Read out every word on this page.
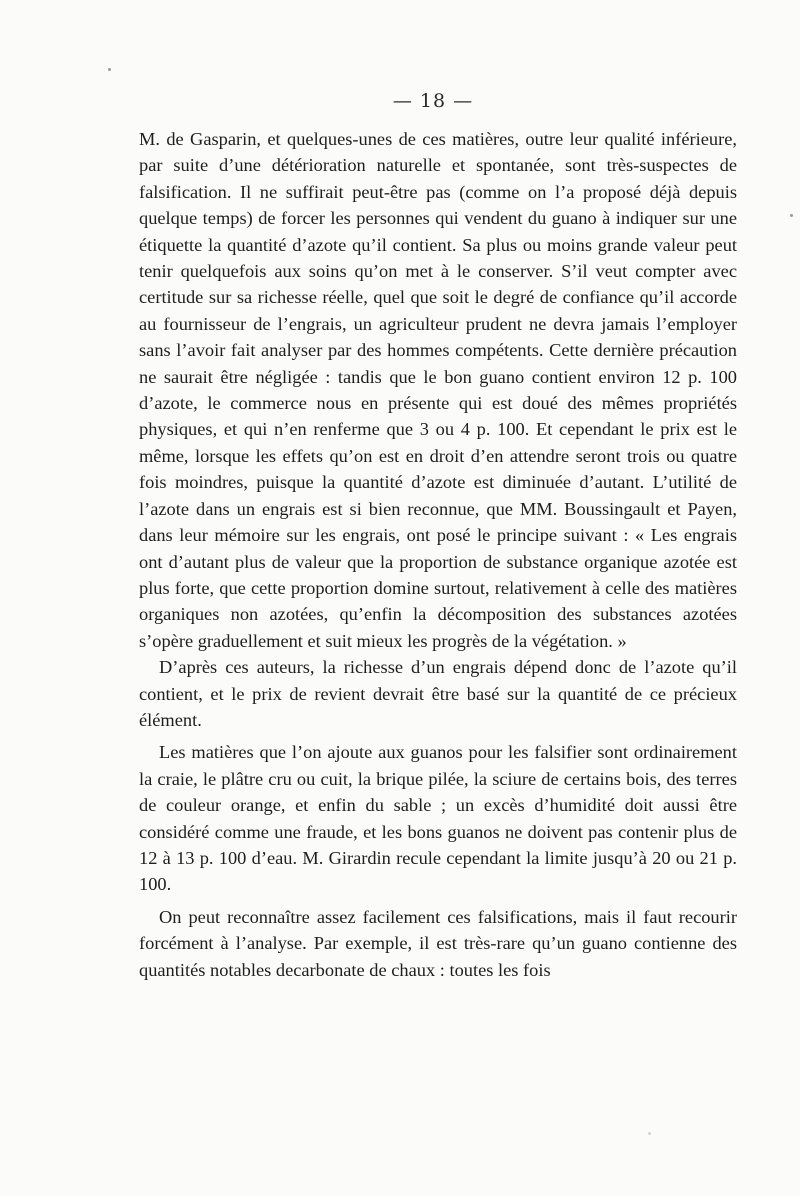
— 18 —

M. de Gasparin, et quelques-unes de ces matières, outre leur qualité inférieure, par suite d’une détérioration naturelle et spontanée, sont très-suspectes de falsification. Il ne suffirait peut-être pas (comme on l’a proposé déjà depuis quelque temps) de forcer les personnes qui vendent du guano à indiquer sur une étiquette la quantité d’azote qu’il contient. Sa plus ou moins grande valeur peut tenir quelquefois aux soins qu’on met à le conserver. S’il veut compter avec certitude sur sa richesse réelle, quel que soit le degré de confiance qu’il accorde au fournisseur de l’engrais, un agriculteur prudent ne devra jamais l’employer sans l’avoir fait analyser par des hommes compétents. Cette dernière précaution ne saurait être négligée : tandis que le bon guano contient environ 12 p. 100 d’azote, le commerce nous en présente qui est doué des mêmes propriétés physiques, et qui n’en renferme que 3 ou 4 p. 100. Et cependant le prix est le même, lorsque les effets qu’on est en droit d’en attendre seront trois ou quatre fois moindres, puisque la quantité d’azote est diminuée d’autant. L’utilité de l’azote dans un engrais est si bien reconnue, que MM. Boussingault et Payen, dans leur mémoire sur les engrais, ont posé le principe suivant : « Les engrais ont d’autant plus de valeur que la proportion de substance organique azotée est plus forte, que cette proportion domine surtout, relativement à celle des matières organiques non azotées, qu’enfin la décomposition des substances azotées s’opère graduellement et suit mieux les progrès de la végétation. »

D’après ces auteurs, la richesse d’un engrais dépend donc de l’azote qu’il contient, et le prix de revient devrait être basé sur la quantité de ce précieux élément.

Les matières que l’on ajoute aux guanos pour les falsifier sont ordinairement la craie, le plâtre cru ou cuit, la brique pilée, la sciure de certains bois, des terres de couleur orange, et enfin du sable ; un excès d’humidité doit aussi être considéré comme une fraude, et les bons guanos ne doivent pas contenir plus de 12 à 13 p. 100 d’eau. M. Girardin recule cependant la limite jusqu’à 20 ou 21 p. 100.

On peut reconnaître assez facilement ces falsifications, mais il faut recourir forcément à l’analyse. Par exemple, il est très-rare qu’un guano contienne des quantités notables decarbonate de chaux : toutes les fois
